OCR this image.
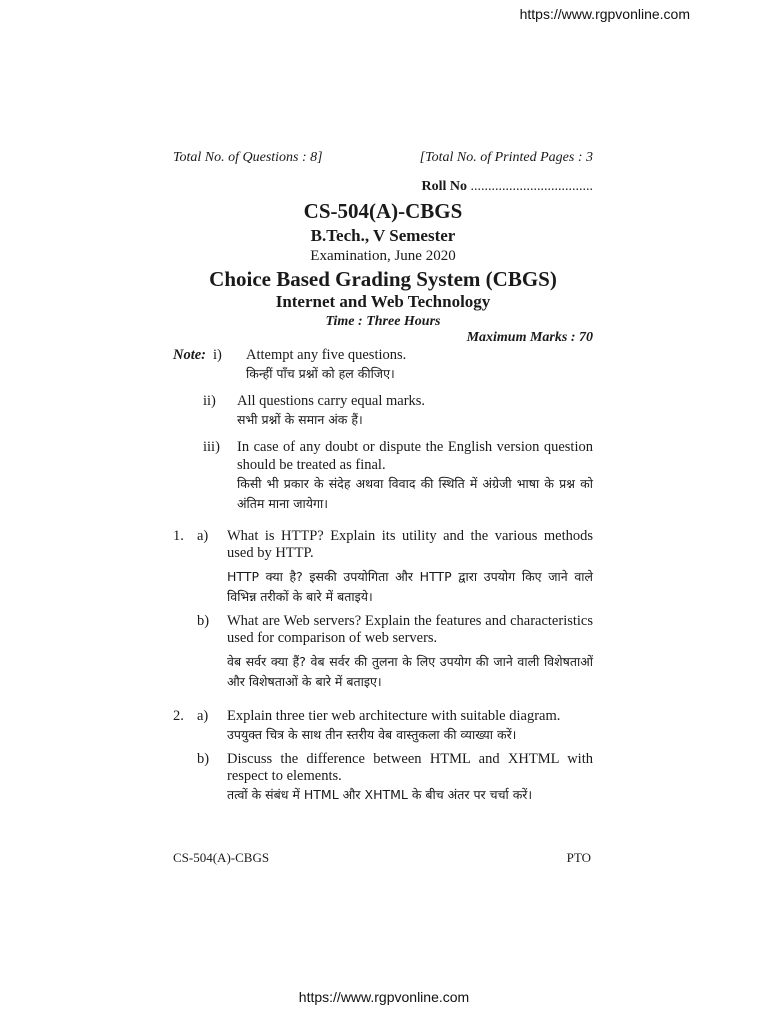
https://www.rgpvonline.com
Total No. of Questions : 8]	[Total No. of Printed Pages : 3
Roll No ...................................
CS-504(A)-CBGS
B.Tech., V Semester
Examination, June 2020
Choice Based Grading System (CBGS)
Internet and Web Technology
Time : Three Hours
Maximum Marks : 70
Note: i)	Attempt any five questions.
किन्हीं पाँच प्रश्नों को हल कीजिए।
ii)	All questions carry equal marks.
सभी प्रश्नों के समान अंक हैं।
iii)	In case of any doubt or dispute the English version question should be treated as final.
किसी भी प्रकार के संदेह अथवा विवाद की स्थिति में अंग्रेजी भाषा के प्रश्न को अंतिम माना जायेगा।
1. a)	What is HTTP? Explain its utility and the various methods used by HTTP.
HTTP क्या है? इसकी उपयोगिता और HTTP द्वारा उपयोग किए जाने वाले विभिन्न तरीकों के बारे में बताइये।
b)	What are Web servers? Explain the features and characteristics used for comparison of web servers.
वेब सर्वर क्या हैं? वेब सर्वर की तुलना के लिए उपयोग की जाने वाली विशेषताओं और विशेषताओं के बारे में बताइए।
2. a)	Explain three tier web architecture with suitable diagram.
उपयुक्त चित्र के साथ तीन स्तरीय वेब वास्तुकला की व्याख्या करें।
b)	Discuss the difference between HTML and XHTML with respect to elements.
तत्वों के संबंध में HTML और XHTML के बीच अंतर पर चर्चा करें।
CS-504(A)-CBGS	PTO
https://www.rgpvonline.com
